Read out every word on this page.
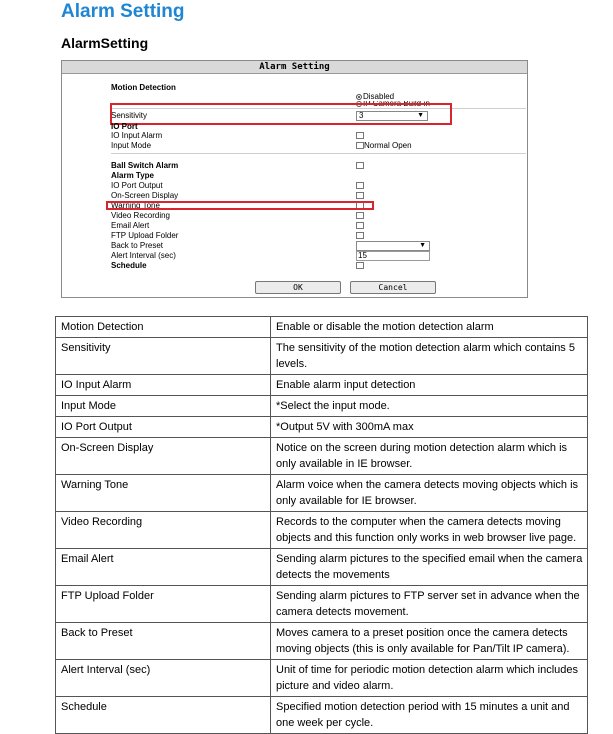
Alarm Setting
AlarmSetting
Alarm Setting
Motion Detection
Disabled
IP Camera Build-in
Sensitivity	3	▼
IO Port
IO Input Alarm
Input Mode	Normal Open
Ball Switch Alarm
Alarm Type
IO Port Output
On-Screen Display
Warning Tone
Video Recording
Email Alert
FTP Upload Folder
Back to Preset	▼
Alert Interval (sec)	15
Schedule
OK	Cancel
Motion Detection	Enable or disable the motion detection alarm
Sensitivity	The sensitivity of the motion detection alarm which contains 5 levels.
IO Input Alarm	Enable alarm input detection
Input Mode	*Select the input mode.
IO Port Output	*Output 5V with 300mA max
On-Screen Display	Notice on the screen during motion detection alarm which is only available in IE browser.
Warning Tone	Alarm voice when the camera detects moving objects which is only available for IE browser.
Video Recording	Records to the computer when the camera detects moving objects and this function only works in web browser live page.
Email Alert	Sending alarm pictures to the specified email when the camera detects the movements
FTP Upload Folder	Sending alarm pictures to FTP server set in advance when the camera detects movement.
Back to Preset	Moves camera to a preset position once the camera detects moving objects (this is only available for Pan/Tilt IP camera).
Alert Interval (sec)	Unit of time for periodic motion detection alarm which includes picture and video alarm.
Schedule	Specified motion detection period with 15 minutes a unit and one week per cycle.
